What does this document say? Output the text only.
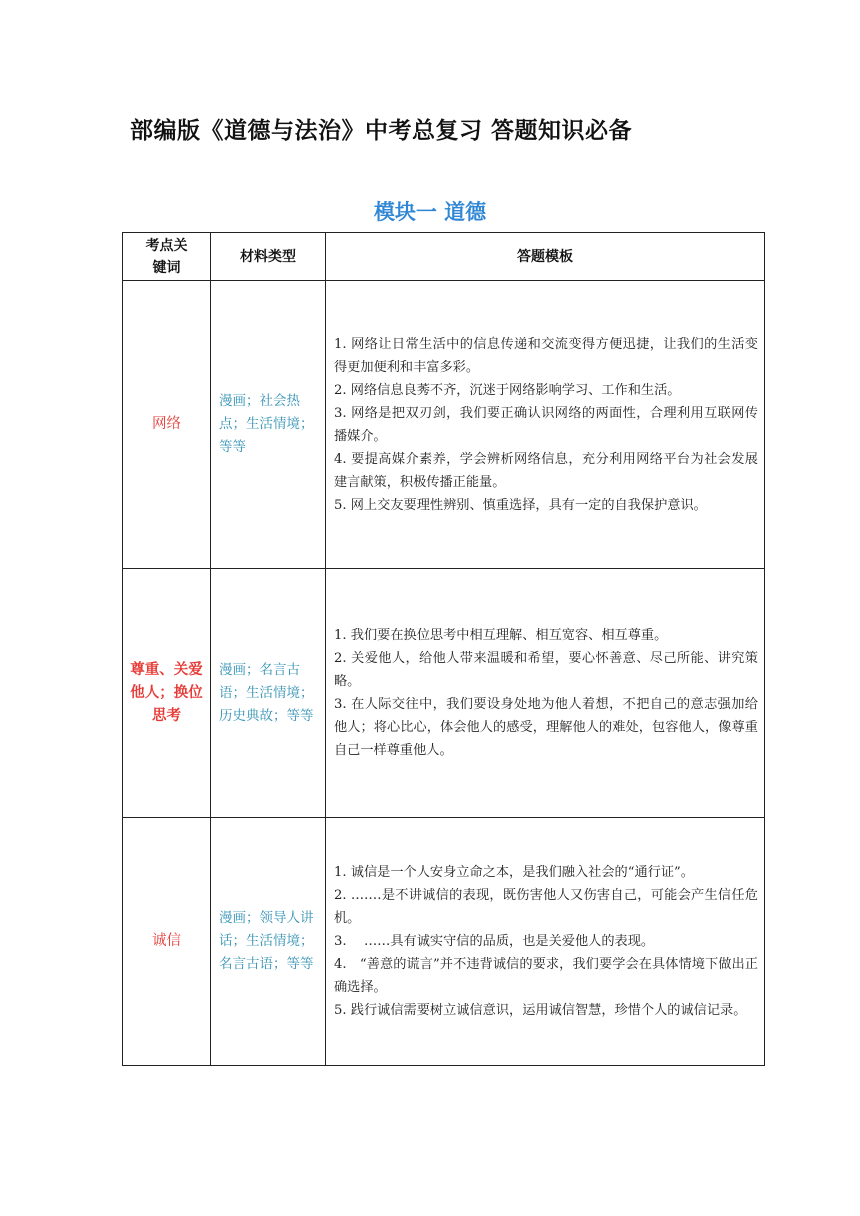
部编版《道德与法治》中考总复习 答题知识必备
模块一 道德
考点关键词	材料类型	答题模板
网络	漫画；社会热点；生活情境；等等	1. 网络让日常生活中的信息传递和交流变得方便迅捷，让我们的生活变得更加便利和丰富多彩。

2. 网络信息良莠不齐，沉迷于网络影响学习、工作和生活。

3. 网络是把双刃剑，我们要正确认识网络的两面性，合理利用互联网传播媒介。

4. 要提高媒介素养，学会辨析网络信息，充分利用网络平台为社会发展建言献策，积极传播正能量。

5. 网上交友要理性辨别、慎重选择，具有一定的自我保护意识。

尊重、关爱他人；换位思考	漫画；名言古语；生活情境；历史典故；等等	1. 我们要在换位思考中相互理解、相互宽容、相互尊重。

2. 关爱他人，给他人带来温暖和希望，要心怀善意、尽己所能、讲究策略。

3. 在人际交往中，我们要设身处地为他人着想，不把自己的意志强加给他人；将心比心，体会他人的感受，理解他人的难处，包容他人，像尊重自己一样尊重他人。

诚信	漫画；领导人讲话；生活情境；名言古语；等等	1. 诚信是一个人安身立命之本，是我们融入社会的“通行证”。

2. .……是不讲诚信的表现，既伤害他人又伤害自己，可能会产生信任危机。

3.　 ……具有诚实守信的品质，也是关爱他人的表现。

4.　“善意的谎言”并不违背诚信的要求，我们要学会在具体情境下做出正确选择。

5. 践行诚信需要树立诚信意识，运用诚信智慧，珍惜个人的诚信记录。
